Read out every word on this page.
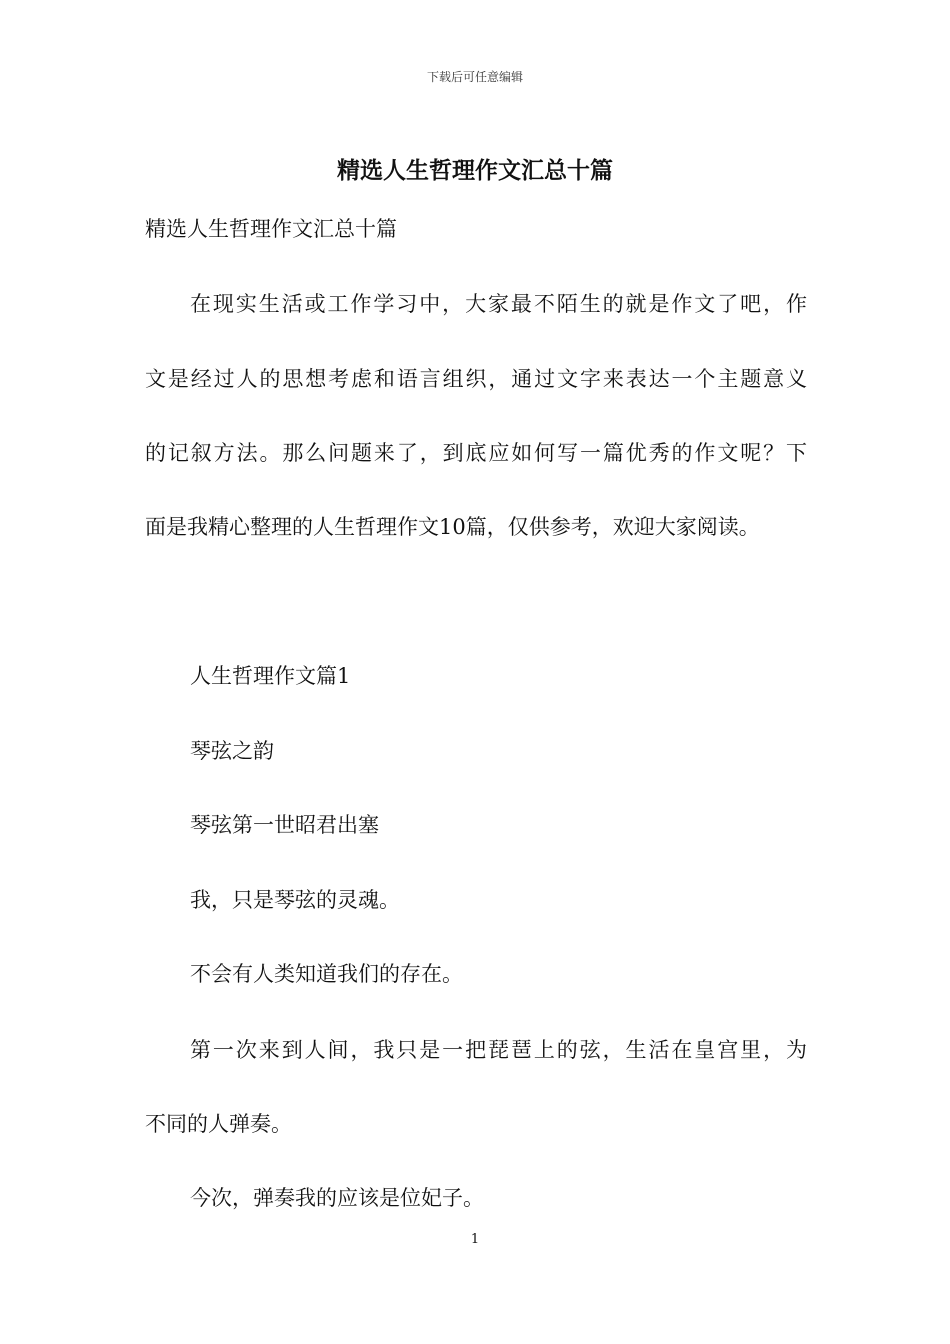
下载后可任意编辑
精选人生哲理作文汇总十篇
精选人生哲理作文汇总十篇
在现实生活或工作学习中，大家最不陌生的就是作文了吧，作
文是经过人的思想考虑和语言组织，通过文字来表达一个主题意义
的记叙方法。那么问题来了，到底应如何写一篇优秀的作文呢？下
面是我精心整理的人生哲理作文10篇，仅供参考，欢迎大家阅读。
人生哲理作文篇1
琴弦之韵
琴弦第一世昭君出塞
我，只是琴弦的灵魂。
不会有人类知道我们的存在。
第一次来到人间，我只是一把琵琶上的弦，生活在皇宫里，为
不同的人弹奏。
今次，弹奏我的应该是位妃子。
1
